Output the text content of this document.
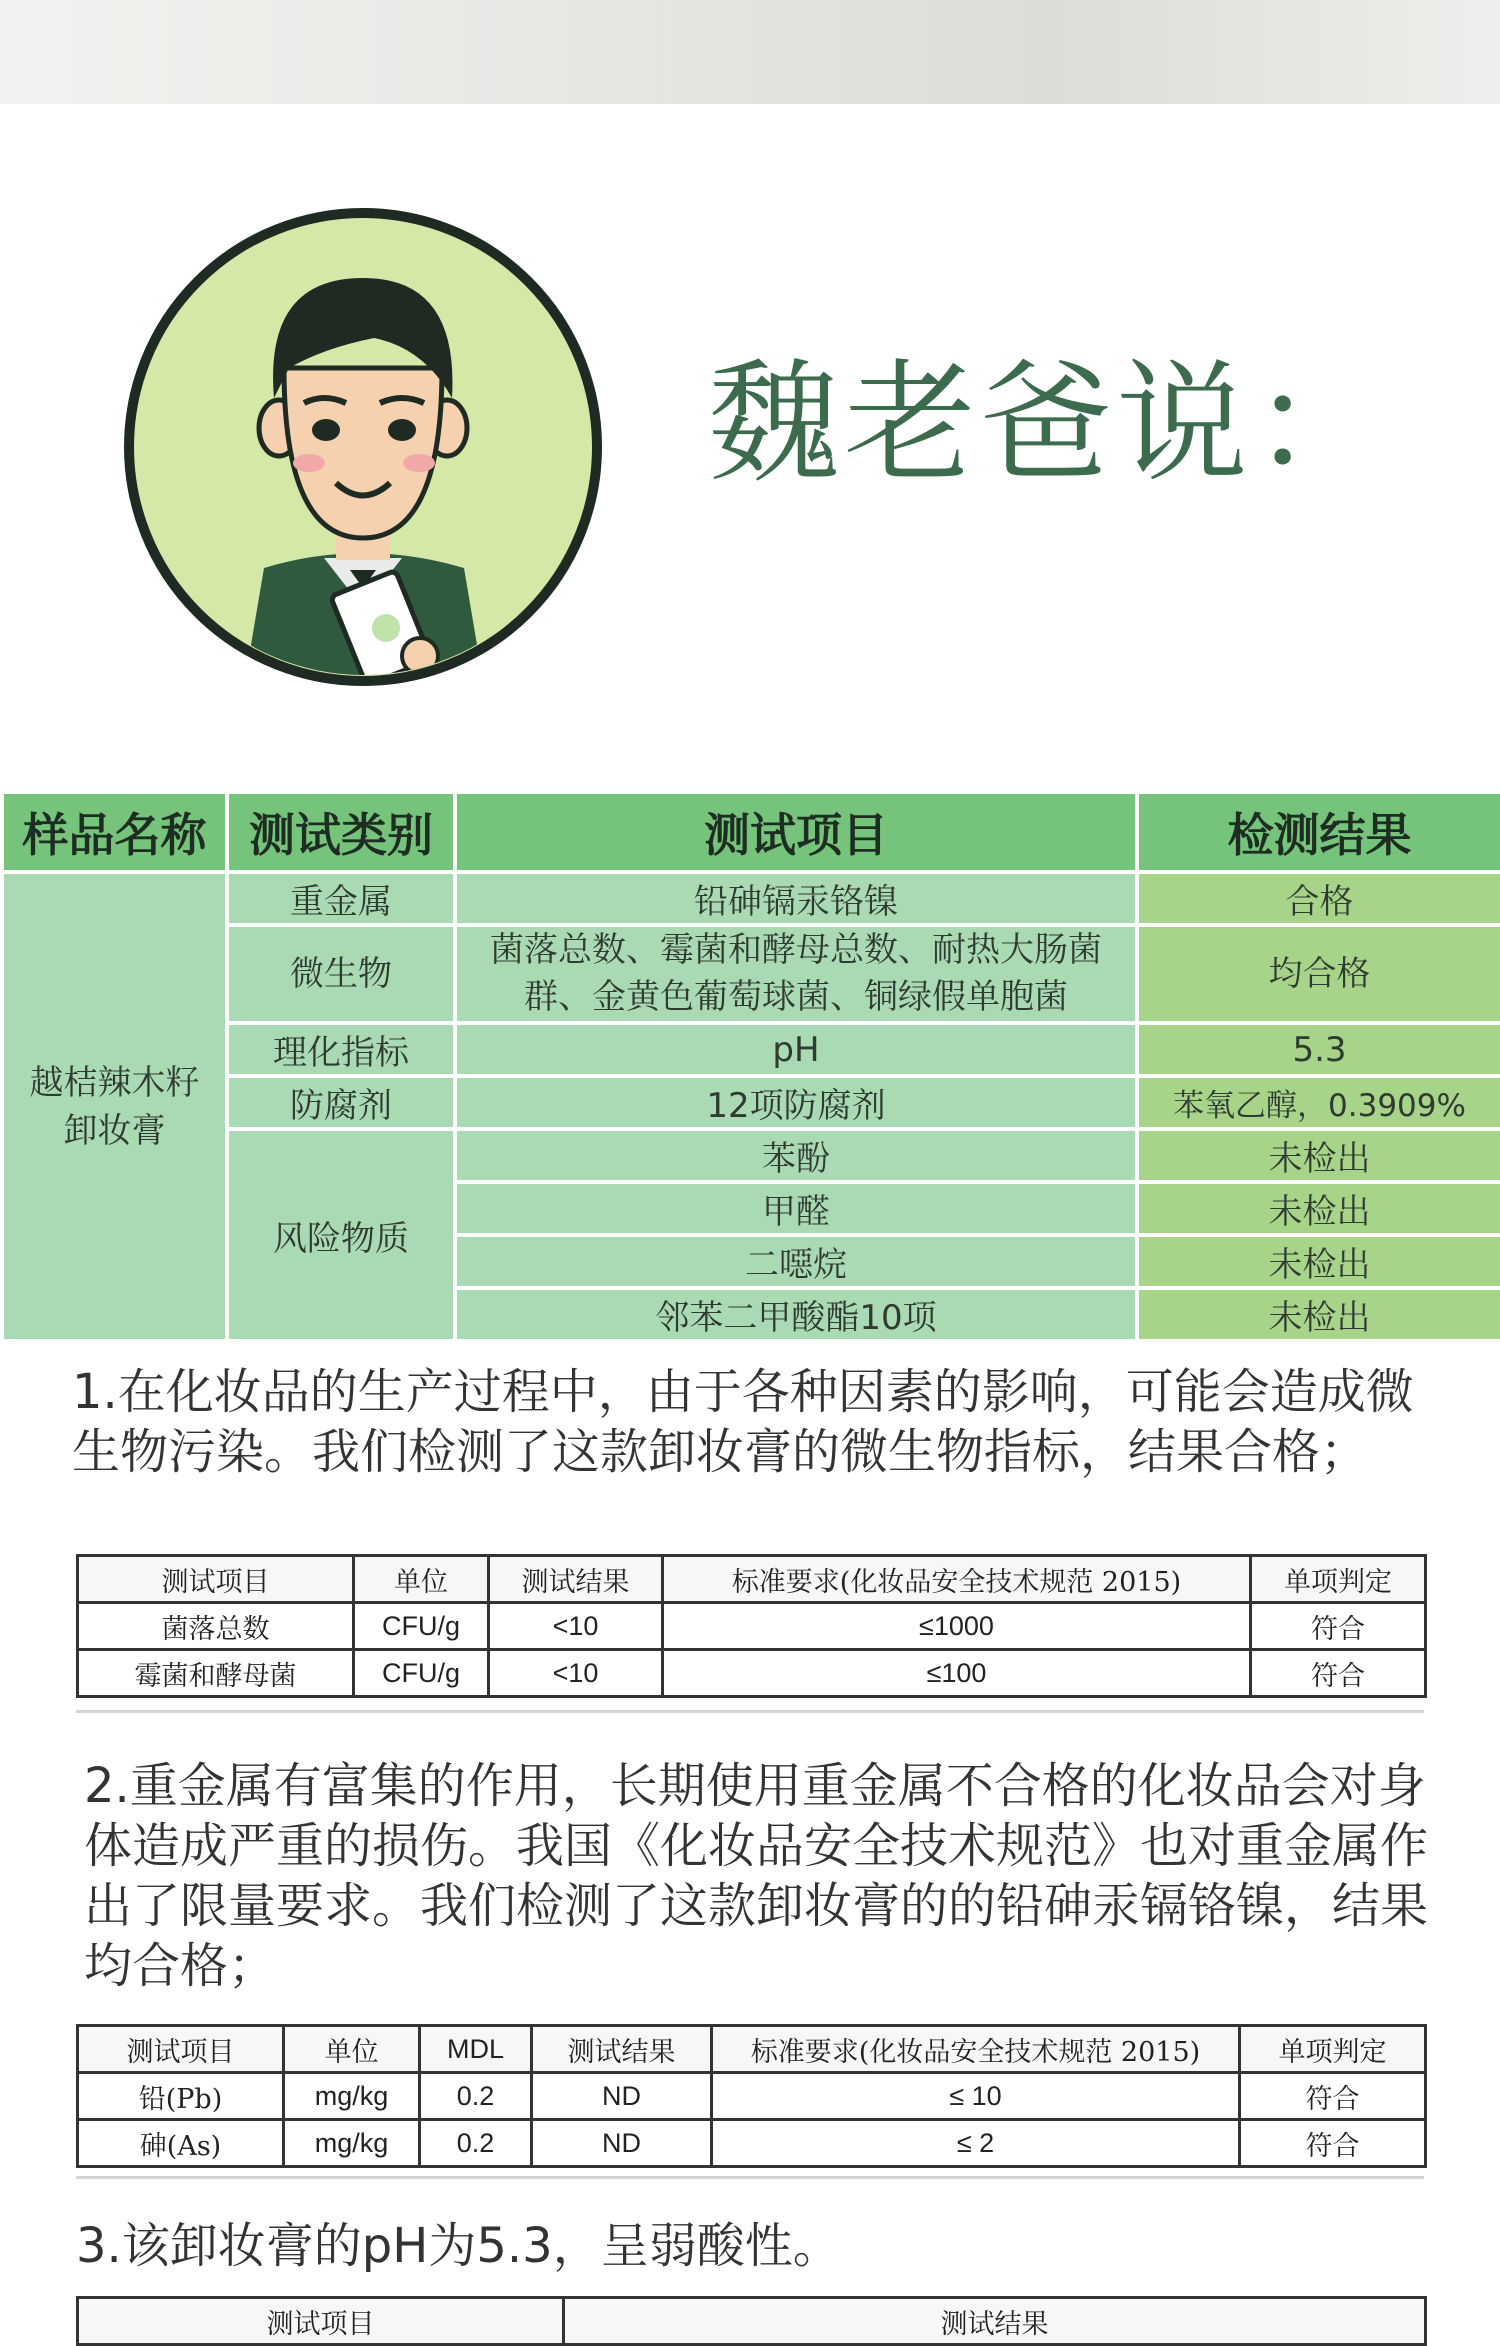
魏老爸说：
样品名称	测试类别	测试项目	检测结果
越桔辣木籽
卸妆膏	重金属	铅砷镉汞铬镍	合格
	微生物	菌落总数、霉菌和酵母总数、耐热大肠菌
群、金黄色葡萄球菌、铜绿假单胞菌	均合格
	理化指标	pH	5.3
	防腐剂	12项防腐剂	苯氧乙醇，0.3909%
	风险物质	苯酚	未检出
		甲醛	未检出
		二噁烷	未检出
		邻苯二甲酸酯10项	未检出
1.在化妆品的生产过程中，由于各种因素的影响，可能会造成微生物污染。我们检测了这款卸妆膏的微生物指标，结果合格；
测试项目	单位	测试结果	标准要求(化妆品安全技术规范 2015)	单项判定
菌落总数	CFU/g	<10	≤1000	符合
霉菌和酵母菌	CFU/g	<10	≤100	符合
2.重金属有富集的作用，长期使用重金属不合格的化妆品会对身体造成严重的损伤。我国《化妆品安全技术规范》也对重金属作出了限量要求。我们检测了这款卸妆膏的的铅砷汞镉铬镍，结果均合格；
测试项目	单位	MDL	测试结果	标准要求(化妆品安全技术规范 2015)	单项判定
铅(Pb)	mg/kg	0.2	ND	≤ 10	符合
砷(As)	mg/kg	0.2	ND	≤ 2	符合
3.该卸妆膏的pH为5.3，呈弱酸性。
测试项目	测试结果
